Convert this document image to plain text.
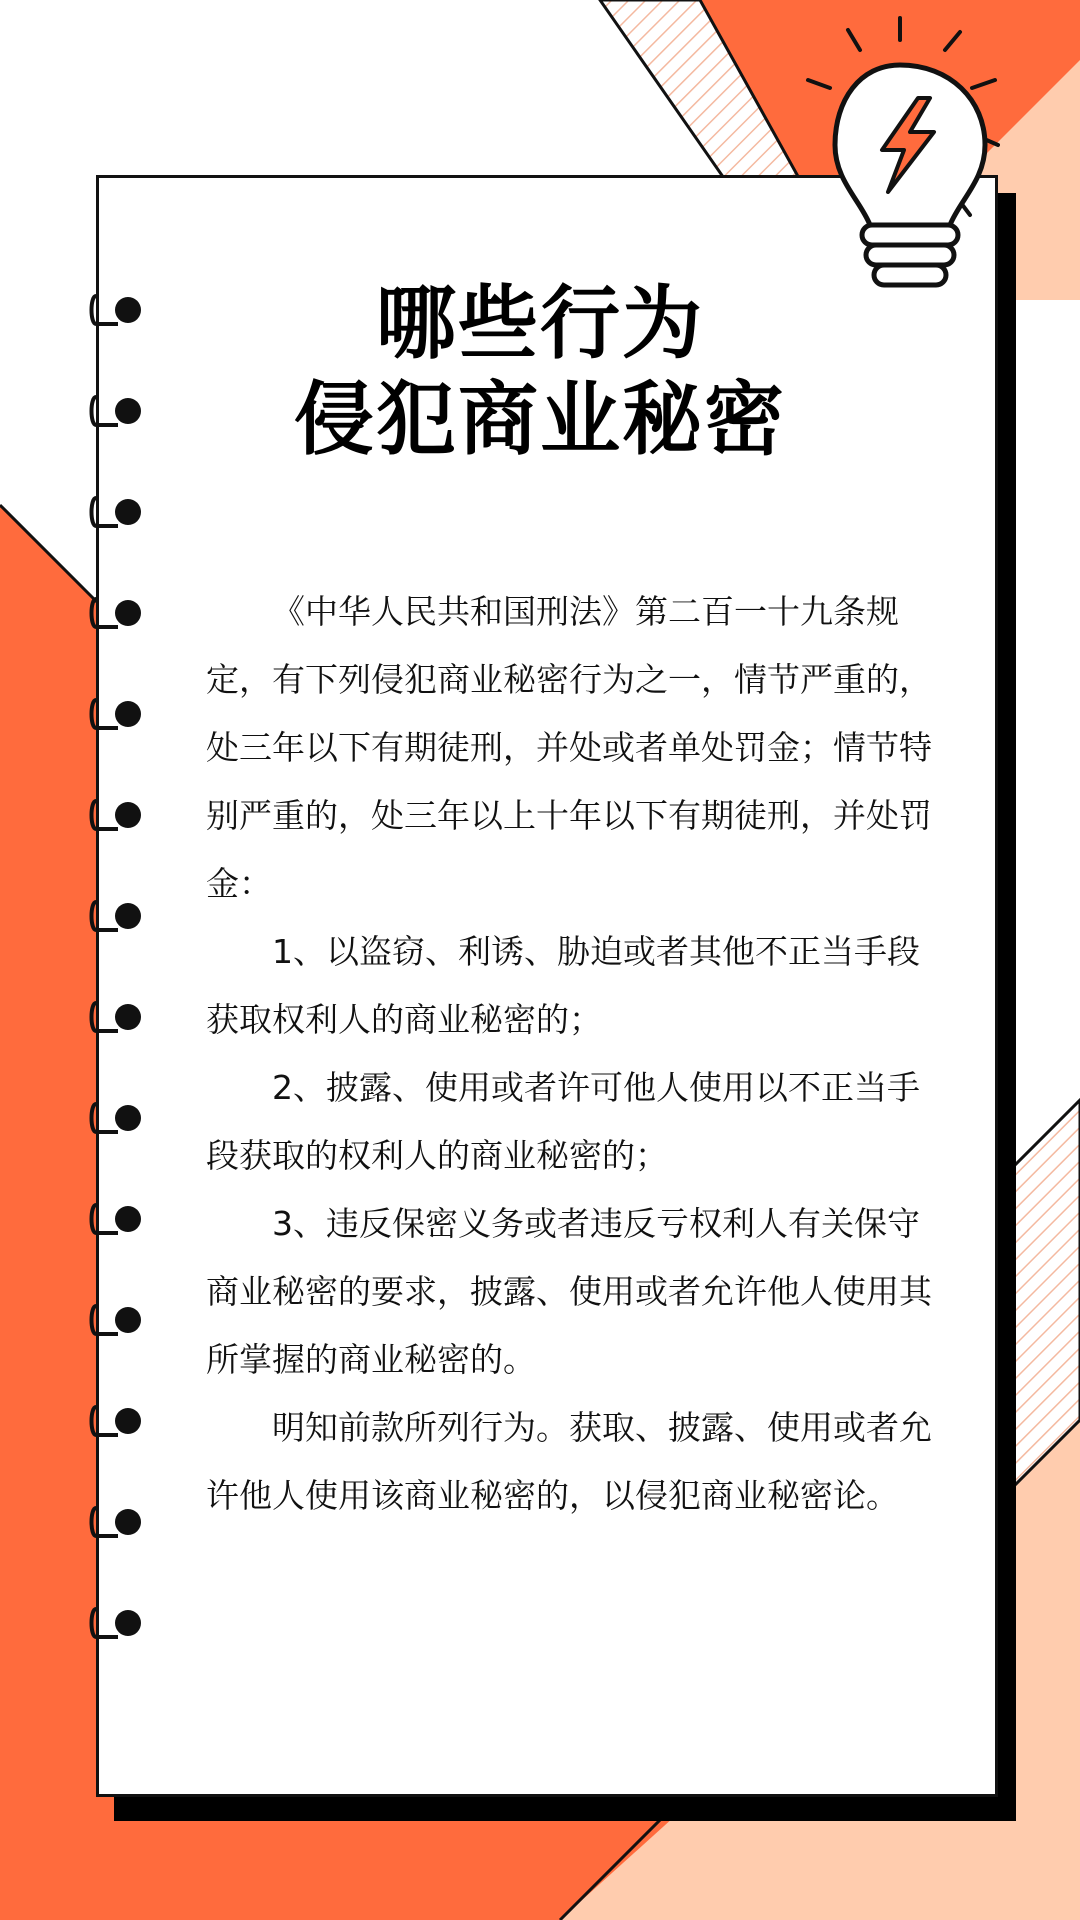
哪些行为
侵犯商业秘密

《中华人民共和国刑法》第二百一十九条规定，有下列侵犯商业秘密行为之一，情节严重的，处三年以下有期徒刑，并处或者单处罚金；情节特别严重的，处三年以上十年以下有期徒刑，并处罚金：

1、以盗窃、利诱、胁迫或者其他不正当手段获取权利人的商业秘密的；

2、披露、使用或者许可他人使用以不正当手段获取的权利人的商业秘密的；

3、违反保密义务或者违反亏权利人有关保守商业秘密的要求，披露、使用或者允许他人使用其所掌握的商业秘密的。

明知前款所列行为。获取、披露、使用或者允许他人使用该商业秘密的，以侵犯商业秘密论。
